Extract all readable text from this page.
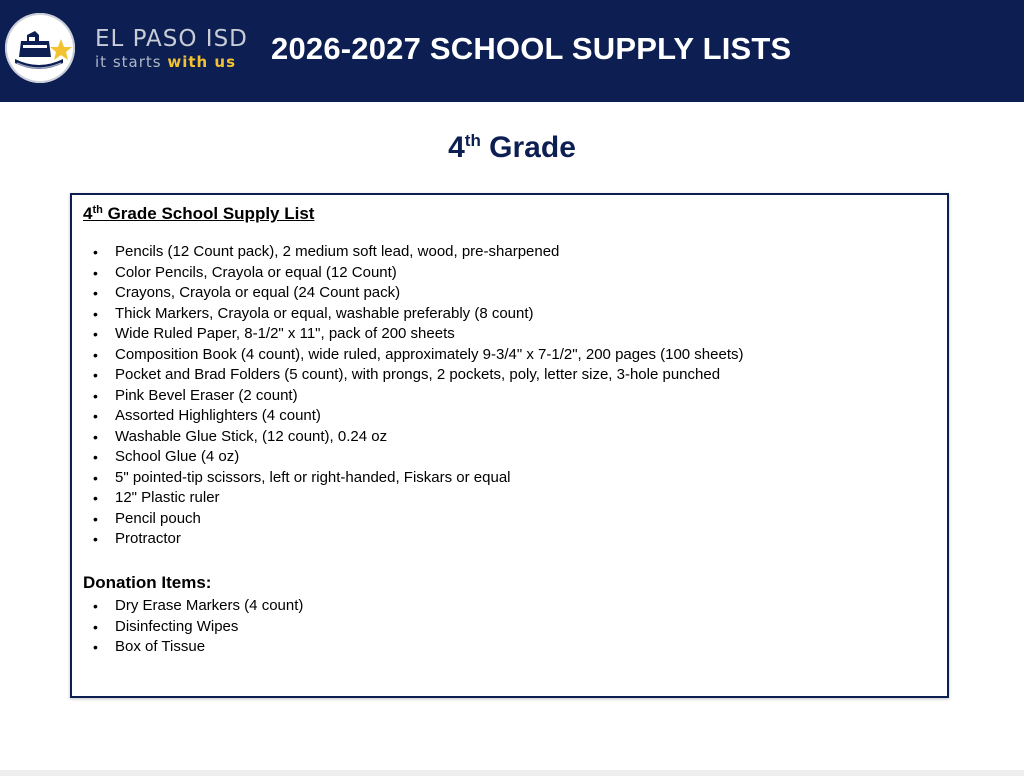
EL PASO ISD
it starts with us 2026-2027 SCHOOL SUPPLY LISTS
4th Grade
4th Grade School Supply List
• Pencils (12 Count pack), 2 medium soft lead, wood, pre-sharpened
• Color Pencils, Crayola or equal (12 Count)
• Crayons, Crayola or equal (24 Count pack)
• Thick Markers, Crayola or equal, washable preferably (8 count)
• Wide Ruled Paper, 8-1/2" x 11", pack of 200 sheets
• Composition Book (4 count), wide ruled, approximately 9-3/4" x 7-1/2", 200 pages (100 sheets)
• Pocket and Brad Folders (5 count), with prongs, 2 pockets, poly, letter size, 3-hole punched
• Pink Bevel Eraser (2 count)
• Assorted Highlighters (4 count)
• Washable Glue Stick, (12 count), 0.24 oz
• School Glue (4 oz)
• 5" pointed-tip scissors, left or right-handed, Fiskars or equal
• 12" Plastic ruler
• Pencil pouch
• Protractor
Donation Items:
• Dry Erase Markers (4 count)
• Disinfecting Wipes
• Box of Tissue
